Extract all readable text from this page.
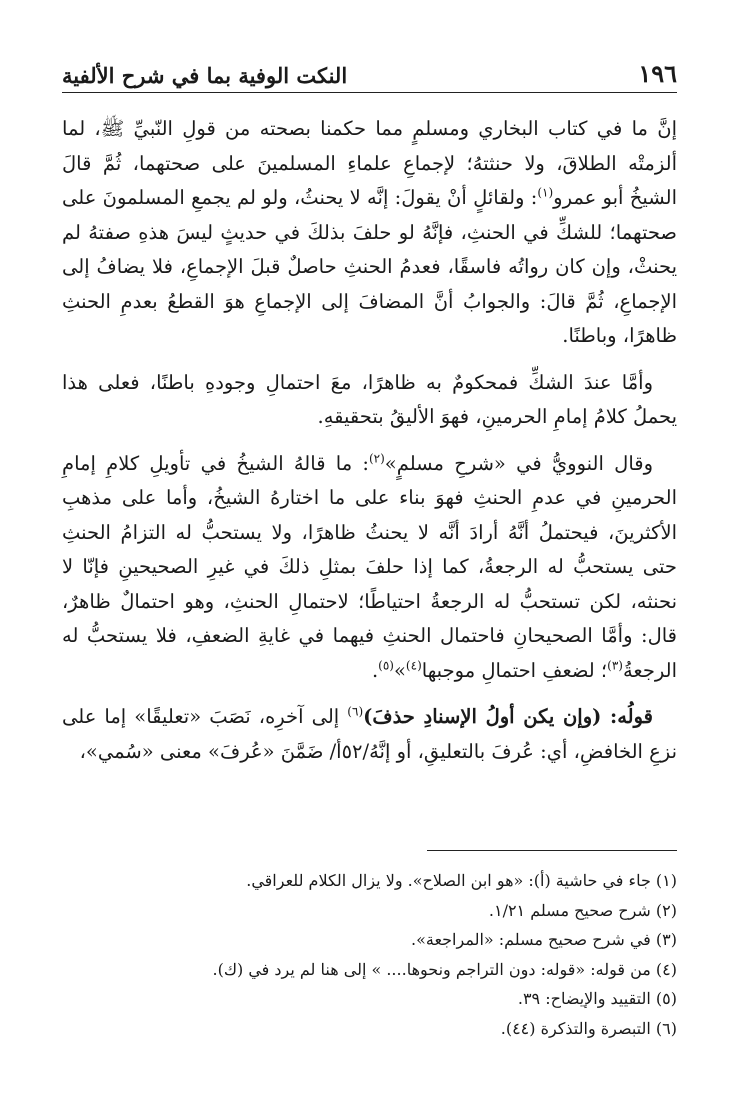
١٩٦
النكت الوفية بما في شرح الألفية

إنَّ ما في كتاب البخاري ومسلمٍ مما حكمنا بصحته من قولِ النّبيِّ ﷺ، لما ألزمتْه الطلاقَ، ولا حنثتهُ؛ لإجماعِ علماءِ المسلمينَ على صحتهما، ثُمَّ قالَ الشيخُ أبو عمرو$^{(١)}$: ولقائلٍ أنْ يقولَ: إنَّه لا يحنثُ، ولو لم يجمعِ المسلمونَ على صحتهما؛ للشكِّ في الحنثِ، فإنَّهُ لو حلفَ بذلكَ في حديثٍ ليسَ هذهِ صفتهُ لم يحنثْ، وإن كان رواتُه فاسقًا، فعدمُ الحنثِ حاصلٌ قبلَ الإجماعِ، فلا يضافُ إلى الإجماعِ، ثُمَّ قالَ: والجوابُ أنَّ المضافَ إلى الإجماعِ هوَ القطعُ بعدمِ الحنثِ ظاهرًا، وباطنًا.

وأمَّا عندَ الشكِّ فمحكومٌ به ظاهرًا، معَ احتمالِ وجودهِ باطنًا، فعلى هذا يحملُ كلامُ إمامِ الحرمينِ، فهوَ الأليقُ بتحقيقهِ.

وقال النوويُّ في «شرحِ مسلمٍ»$^{(٢)}$: ما قالهُ الشيخُ في تأويلِ كلامِ إمامِ الحرمينِ في عدمِ الحنثِ فهوَ بناء على ما اختارهُ الشيخُ، وأما على مذهبِ الأكثرينَ، فيحتملُ أنَّهُ أرادَ أنَّه لا يحنثُ ظاهرًا، ولا يستحبُّ له التزامُ الحنثِ حتى يستحبُّ له الرجعةُ، كما إذا حلفَ بمثلِ ذلكَ في غيرِ الصحيحينِ فإنّا لا نحنثه، لكن تستحبُّ له الرجعةُ احتياطًا؛ لاحتمالِ الحنثِ، وهو احتمالٌ ظاهرٌ، قال: وأمَّا الصحيحانِ فاحتمال الحنثِ فيهما في غايةِ الضعفِ، فلا يستحبُّ له الرجعةُ$^{(٣)}$؛ لضعفِ احتمالِ موجبها$^{(٤)}$»$^{(٥)}$.

قولُه: (وإن يكن أولُ الإسنادِ حذفَ)$^{(٦)}$ إلى آخرِه، نَصَبَ «تعليقًا» إما على نزعِ الخافضِ، أي: عُرفَ بالتعليقِ، أو إنَّهُ/٥٢أ/ ضَمَّنَ «عُرفَ» معنى «سُمي»،

(١) جاء في حاشية (أ): «هو ابن الصلاح». ولا يزال الكلام للعراقي.
(٢) شرح صحيح مسلم ١/٢١.
(٣) في شرح صحيح مسلم: «المراجعة».
(٤) من قوله: «قوله: دون التراجم ونحوها.... » إلى هنا لم يرد في (ك).
(٥) التقييد والإيضاح: ٣٩.
(٦) التبصرة والتذكرة (٤٤).
